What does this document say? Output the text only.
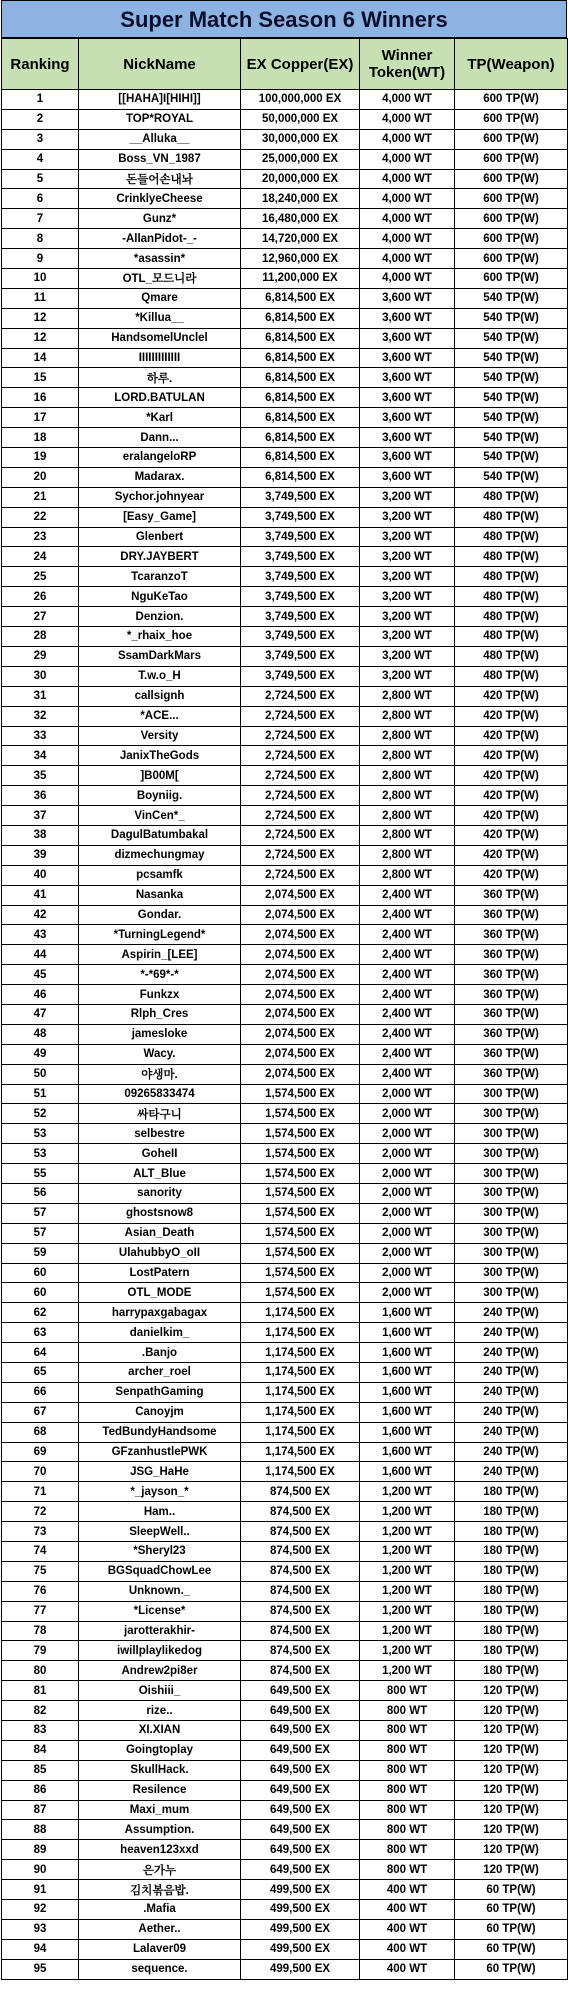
Super Match Season 6 Winners
Ranking	NickName	EX Copper(EX)	Winner Token(WT)	TP(Weapon)
1	[[HAHA]I[HIHI]]	100,000,000 EX	4,000 WT	600 TP(W)
2	TOP*ROYAL	50,000,000 EX	4,000 WT	600 TP(W)
3	__Alluka__	30,000,000 EX	4,000 WT	600 TP(W)
4	Boss_VN_1987	25,000,000 EX	4,000 WT	600 TP(W)
5	돈들어손내놔	20,000,000 EX	4,000 WT	600 TP(W)
6	CrinklyeCheese	18,240,000 EX	4,000 WT	600 TP(W)
7	Gunz*	16,480,000 EX	4,000 WT	600 TP(W)
8	-AllanPidot-_-	14,720,000 EX	4,000 WT	600 TP(W)
9	*asassin*	12,960,000 EX	4,000 WT	600 TP(W)
10	OTL_모드니라	11,200,000 EX	4,000 WT	600 TP(W)
11	Qmare	6,814,500 EX	3,600 WT	540 TP(W)
12	*Killua__	6,814,500 EX	3,600 WT	540 TP(W)
12	HandsomelUnclel	6,814,500 EX	3,600 WT	540 TP(W)
14	IIIIIIIIIIIII	6,814,500 EX	3,600 WT	540 TP(W)
15	하루.	6,814,500 EX	3,600 WT	540 TP(W)
16	LORD.BATULAN	6,814,500 EX	3,600 WT	540 TP(W)
17	*Karl	6,814,500 EX	3,600 WT	540 TP(W)
18	Dann...	6,814,500 EX	3,600 WT	540 TP(W)
19	eralangeloRP	6,814,500 EX	3,600 WT	540 TP(W)
20	Madarax.	6,814,500 EX	3,600 WT	540 TP(W)
21	Sychor.johnyear	3,749,500 EX	3,200 WT	480 TP(W)
22	[Easy_Game]	3,749,500 EX	3,200 WT	480 TP(W)
23	Glenbert	3,749,500 EX	3,200 WT	480 TP(W)
24	DRY.JAYBERT	3,749,500 EX	3,200 WT	480 TP(W)
25	TcaranzoT	3,749,500 EX	3,200 WT	480 TP(W)
26	NguKeTao	3,749,500 EX	3,200 WT	480 TP(W)
27	Denzion.	3,749,500 EX	3,200 WT	480 TP(W)
28	*_rhaix_hoe	3,749,500 EX	3,200 WT	480 TP(W)
29	SsamDarkMars	3,749,500 EX	3,200 WT	480 TP(W)
30	T.w.o_H	3,749,500 EX	3,200 WT	480 TP(W)
31	callsignh	2,724,500 EX	2,800 WT	420 TP(W)
32	*ACE...	2,724,500 EX	2,800 WT	420 TP(W)
33	Versity	2,724,500 EX	2,800 WT	420 TP(W)
34	JanixTheGods	2,724,500 EX	2,800 WT	420 TP(W)
35	]B00M[	2,724,500 EX	2,800 WT	420 TP(W)
36	Boyniig.	2,724,500 EX	2,800 WT	420 TP(W)
37	VinCen*_	2,724,500 EX	2,800 WT	420 TP(W)
38	DagulBatumbakal	2,724,500 EX	2,800 WT	420 TP(W)
39	dizmechungmay	2,724,500 EX	2,800 WT	420 TP(W)
40	pcsamfk	2,724,500 EX	2,800 WT	420 TP(W)
41	Nasanka	2,074,500 EX	2,400 WT	360 TP(W)
42	Gondar.	2,074,500 EX	2,400 WT	360 TP(W)
43	*TurningLegend*	2,074,500 EX	2,400 WT	360 TP(W)
44	Aspirin_[LEE]	2,074,500 EX	2,400 WT	360 TP(W)
45	*-*69*-*	2,074,500 EX	2,400 WT	360 TP(W)
46	Funkzx	2,074,500 EX	2,400 WT	360 TP(W)
47	Rlph_Cres	2,074,500 EX	2,400 WT	360 TP(W)
48	jamesloke	2,074,500 EX	2,400 WT	360 TP(W)
49	Wacy.	2,074,500 EX	2,400 WT	360 TP(W)
50	야생마.	2,074,500 EX	2,400 WT	360 TP(W)
51	09265833474	1,574,500 EX	2,000 WT	300 TP(W)
52	싸타구니	1,574,500 EX	2,000 WT	300 TP(W)
53	selbestre	1,574,500 EX	2,000 WT	300 TP(W)
53	GoheII	1,574,500 EX	2,000 WT	300 TP(W)
55	ALT_Blue	1,574,500 EX	2,000 WT	300 TP(W)
56	sanority	1,574,500 EX	2,000 WT	300 TP(W)
57	ghostsnow8	1,574,500 EX	2,000 WT	300 TP(W)
57	Asian_Death	1,574,500 EX	2,000 WT	300 TP(W)
59	UlahubbyO_oII	1,574,500 EX	2,000 WT	300 TP(W)
60	LostPatern	1,574,500 EX	2,000 WT	300 TP(W)
60	OTL_MODE	1,574,500 EX	2,000 WT	300 TP(W)
62	harrypaxgabagax	1,174,500 EX	1,600 WT	240 TP(W)
63	danielkim_	1,174,500 EX	1,600 WT	240 TP(W)
64	.Banjo	1,174,500 EX	1,600 WT	240 TP(W)
65	archer_roel	1,174,500 EX	1,600 WT	240 TP(W)
66	SenpathGaming	1,174,500 EX	1,600 WT	240 TP(W)
67	Canoyjm	1,174,500 EX	1,600 WT	240 TP(W)
68	TedBundyHandsome	1,174,500 EX	1,600 WT	240 TP(W)
69	GFzanhustlePWK	1,174,500 EX	1,600 WT	240 TP(W)
70	JSG_HaHe	1,174,500 EX	1,600 WT	240 TP(W)
71	*_jayson_*	874,500 EX	1,200 WT	180 TP(W)
72	Ham..	874,500 EX	1,200 WT	180 TP(W)
73	SleepWell..	874,500 EX	1,200 WT	180 TP(W)
74	*Sheryl23	874,500 EX	1,200 WT	180 TP(W)
75	BGSquadChowLee	874,500 EX	1,200 WT	180 TP(W)
76	Unknown._	874,500 EX	1,200 WT	180 TP(W)
77	*License*	874,500 EX	1,200 WT	180 TP(W)
78	jarotterakhir-	874,500 EX	1,200 WT	180 TP(W)
79	iwillplaylikedog	874,500 EX	1,200 WT	180 TP(W)
80	Andrew2pi8er	874,500 EX	1,200 WT	180 TP(W)
81	Oishiii_	649,500 EX	800 WT	120 TP(W)
82	rize..	649,500 EX	800 WT	120 TP(W)
83	XI.XIAN	649,500 EX	800 WT	120 TP(W)
84	Goingtoplay	649,500 EX	800 WT	120 TP(W)
85	SkullHack.	649,500 EX	800 WT	120 TP(W)
86	Resilence	649,500 EX	800 WT	120 TP(W)
87	Maxi_mum	649,500 EX	800 WT	120 TP(W)
88	Assumption.	649,500 EX	800 WT	120 TP(W)
89	heaven123xxd	649,500 EX	800 WT	120 TP(W)
90	은가누	649,500 EX	800 WT	120 TP(W)
91	김치볶음밥.	499,500 EX	400 WT	60 TP(W)
92	.Mafia	499,500 EX	400 WT	60 TP(W)
93	Aether..	499,500 EX	400 WT	60 TP(W)
94	Lalaver09	499,500 EX	400 WT	60 TP(W)
95	sequence.	499,500 EX	400 WT	60 TP(W)
